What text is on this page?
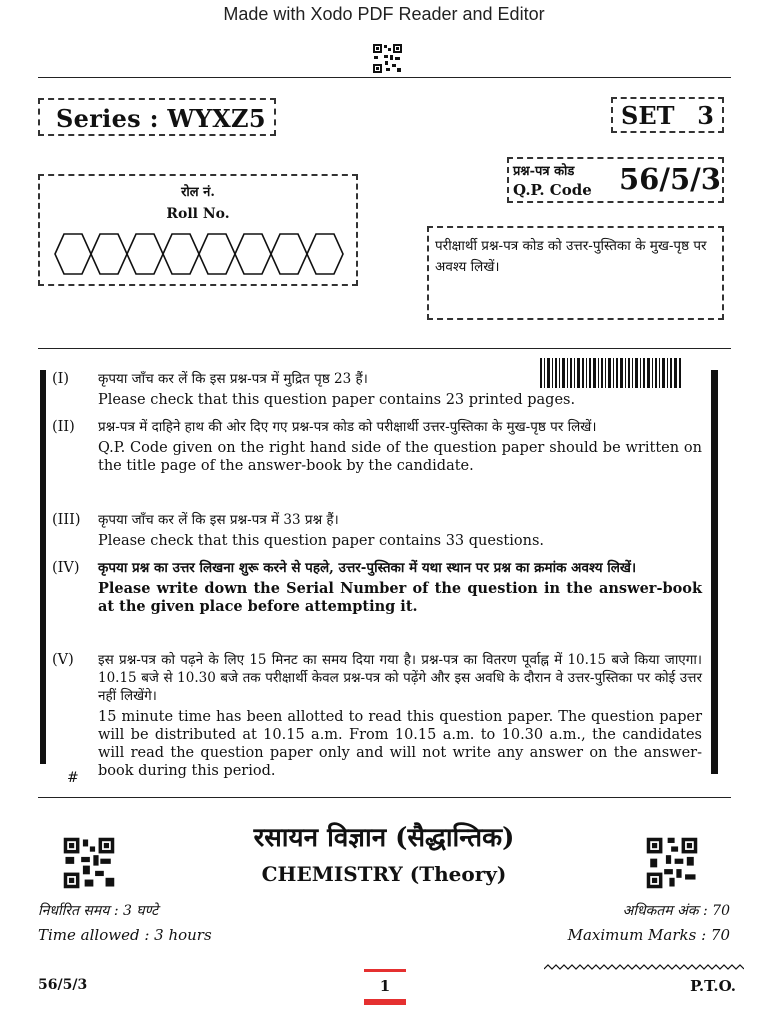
Made with Xodo PDF Reader and Editor
Series : WYXZ5	SET 3
प्रश्न-पत्र कोड
Q.P. Code 56/5/3
रोल नं.
Roll No.
परीक्षार्थी प्रश्न-पत्र कोड को उत्तर-पुस्तिका के मुख-पृष्ठ पर अवश्य लिखें।
(I)	कृपया जाँच कर लें कि इस प्रश्न-पत्र में मुद्रित पृष्ठ 23 हैं।
Please check that this question paper contains 23 printed pages.
(II)	प्रश्न-पत्र में दाहिने हाथ की ओर दिए गए प्रश्न-पत्र कोड को परीक्षार्थी उत्तर-पुस्तिका के मुख-पृष्ठ पर लिखें।
Q.P. Code given on the right hand side of the question paper should be written on the title page of the answer-book by the candidate.
(III)	कृपया जाँच कर लें कि इस प्रश्न-पत्र में 33 प्रश्न हैं।
Please check that this question paper contains 33 questions.
(IV)	कृपया प्रश्न का उत्तर लिखना शुरू करने से पहले, उत्तर-पुस्तिका में यथा स्थान पर प्रश्न का क्रमांक अवश्य लिखें।
Please write down the Serial Number of the question in the answer-book at the given place before attempting it.
(V)	इस प्रश्न-पत्र को पढ़ने के लिए 15 मिनट का समय दिया गया है। प्रश्न-पत्र का वितरण पूर्वाह्न में 10.15 बजे किया जाएगा। 10.15 बजे से 10.30 बजे तक परीक्षार्थी केवल प्रश्न-पत्र को पढ़ेंगे और इस अवधि के दौरान वे उत्तर-पुस्तिका पर कोई उत्तर नहीं लिखेंगे।
15 minute time has been allotted to read this question paper. The question paper will be distributed at 10.15 a.m. From 10.15 a.m. to 10.30 a.m., the candidates will read the question paper only and will not write any answer on the answer-book during this period.
#
रसायन विज्ञान (सैद्धान्तिक)
CHEMISTRY (Theory)
निर्धारित समय : 3 घण्टे
Time allowed : 3 hours
अधिकतम अंक : 70
Maximum Marks : 70
56/5/3	1	P.T.O.
